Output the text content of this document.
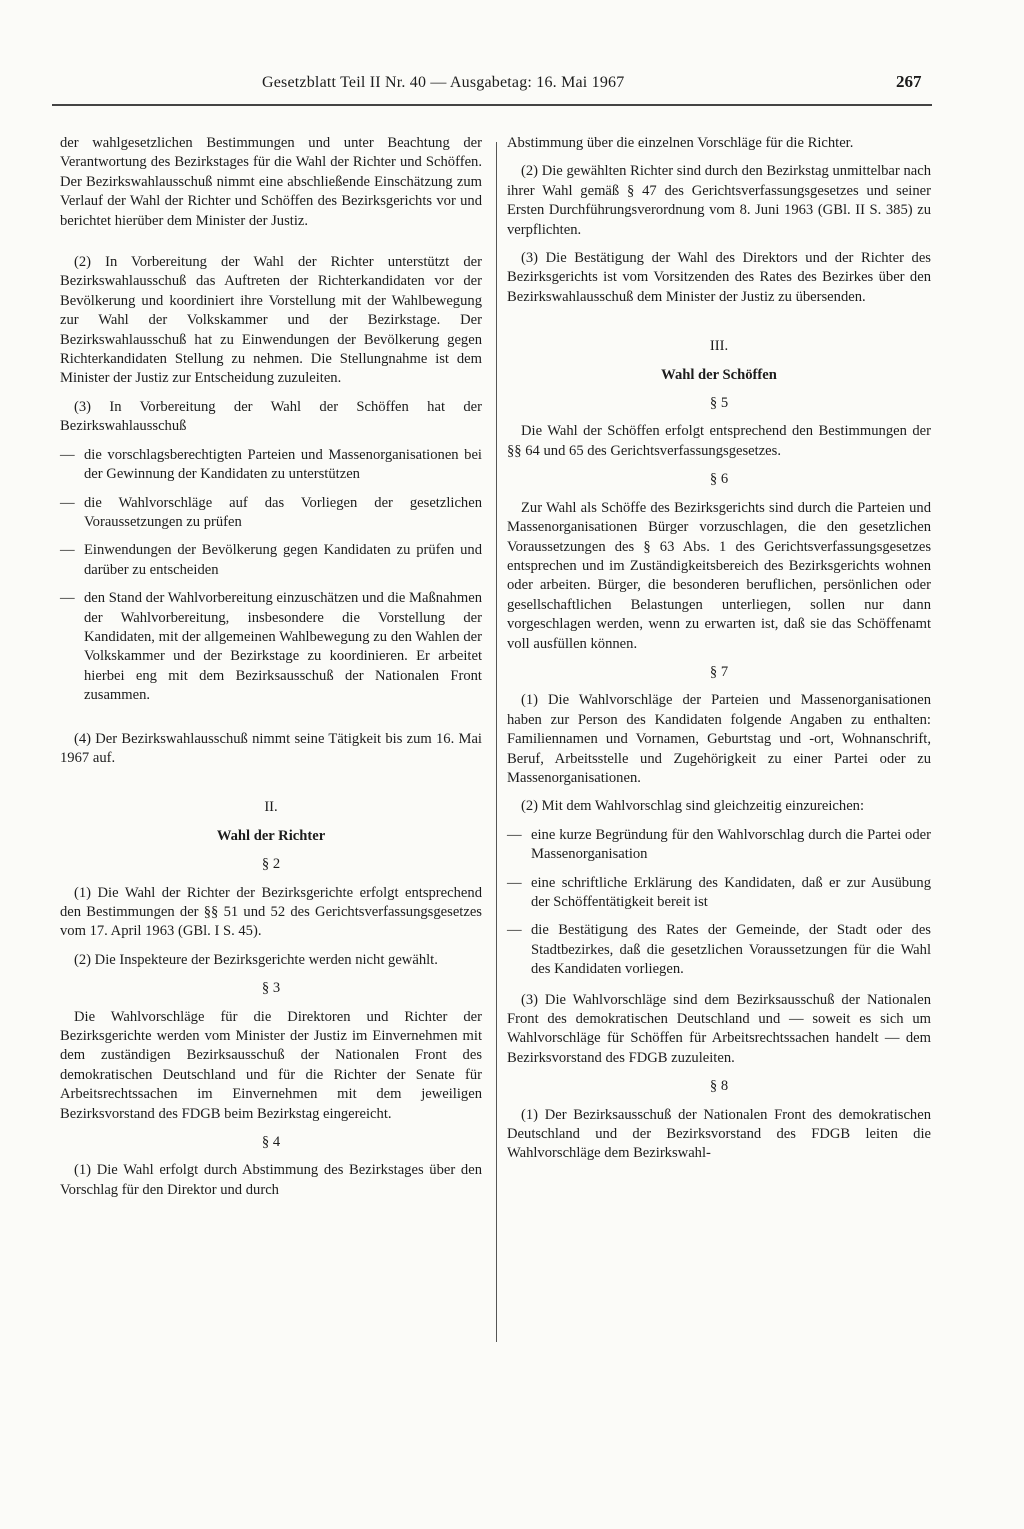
Gesetzblatt Teil II Nr. 40 — Ausgabetag: 16. Mai 1967	267

der wahlgesetzlichen Bestimmungen und unter Beachtung der Verantwortung des Bezirkstages für die Wahl der Richter und Schöffen. Der Bezirkswahlausschuß nimmt eine abschließende Einschätzung zum Verlauf der Wahl der Richter und Schöffen des Bezirksgerichts vor und berichtet hierüber dem Minister der Justiz.

(2) In Vorbereitung der Wahl der Richter unterstützt der Bezirkswahlausschuß das Auftreten der Richterkandidaten vor der Bevölkerung und koordiniert ihre Vorstellung mit der Wahlbewegung zur Wahl der Volkskammer und der Bezirkstage. Der Bezirkswahlausschuß hat zu Einwendungen der Bevölkerung gegen Richterkandidaten Stellung zu nehmen. Die Stellungnahme ist dem Minister der Justiz zur Entscheidung zuzuleiten.

(3) In Vorbereitung der Wahl der Schöffen hat der Bezirkswahlausschuß

— die vorschlagsberechtigten Parteien und Massenorganisationen bei der Gewinnung der Kandidaten zu unterstützen
— die Wahlvorschläge auf das Vorliegen der gesetzlichen Voraussetzungen zu prüfen
— Einwendungen der Bevölkerung gegen Kandidaten zu prüfen und darüber zu entscheiden
— den Stand der Wahlvorbereitung einzuschätzen und die Maßnahmen der Wahlvorbereitung, insbesondere die Vorstellung der Kandidaten, mit der allgemeinen Wahlbewegung zu den Wahlen der Volkskammer und der Bezirkstage zu koordinieren. Er arbeitet hierbei eng mit dem Bezirksausschuß der Nationalen Front zusammen.

(4) Der Bezirkswahlausschuß nimmt seine Tätigkeit bis zum 16. Mai 1967 auf.

II.

Wahl der Richter

§ 2

(1) Die Wahl der Richter der Bezirksgerichte erfolgt entsprechend den Bestimmungen der §§ 51 und 52 des Gerichtsverfassungsgesetzes vom 17. April 1963 (GBl. I S. 45).

(2) Die Inspekteure der Bezirksgerichte werden nicht gewählt.

§ 3

Die Wahlvorschläge für die Direktoren und Richter der Bezirksgerichte werden vom Minister der Justiz im Einvernehmen mit dem zuständigen Bezirksausschuß der Nationalen Front des demokratischen Deutschland und für die Richter der Senate für Arbeitsrechtssachen im Einvernehmen mit dem jeweiligen Bezirksvorstand des FDGB beim Bezirkstag eingereicht.

§ 4

(1) Die Wahl erfolgt durch Abstimmung des Bezirkstages über den Vorschlag für den Direktor und durch

Abstimmung über die einzelnen Vorschläge für die Richter.

(2) Die gewählten Richter sind durch den Bezirkstag unmittelbar nach ihrer Wahl gemäß § 47 des Gerichtsverfassungsgesetzes und seiner Ersten Durchführungsverordnung vom 8. Juni 1963 (GBl. II S. 385) zu verpflichten.

(3) Die Bestätigung der Wahl des Direktors und der Richter des Bezirksgerichts ist vom Vorsitzenden des Rates des Bezirkes über den Bezirkswahlausschuß dem Minister der Justiz zu übersenden.

III.

Wahl der Schöffen

§ 5

Die Wahl der Schöffen erfolgt entsprechend den Bestimmungen der §§ 64 und 65 des Gerichtsverfassungsgesetzes.

§ 6

Zur Wahl als Schöffe des Bezirksgerichts sind durch die Parteien und Massenorganisationen Bürger vorzuschlagen, die den gesetzlichen Voraussetzungen des § 63 Abs. 1 des Gerichtsverfassungsgesetzes entsprechen und im Zuständigkeitsbereich des Bezirksgerichts wohnen oder arbeiten. Bürger, die besonderen beruflichen, persönlichen oder gesellschaftlichen Belastungen unterliegen, sollen nur dann vorgeschlagen werden, wenn zu erwarten ist, daß sie das Schöffenamt voll ausfüllen können.

§ 7

(1) Die Wahlvorschläge der Parteien und Massenorganisationen haben zur Person des Kandidaten folgende Angaben zu enthalten: Familiennamen und Vornamen, Geburtstag und -ort, Wohnanschrift, Beruf, Arbeitsstelle und Zugehörigkeit zu einer Partei oder zu Massenorganisationen.

(2) Mit dem Wahlvorschlag sind gleichzeitig einzureichen:

— eine kurze Begründung für den Wahlvorschlag durch die Partei oder Massenorganisation
— eine schriftliche Erklärung des Kandidaten, daß er zur Ausübung der Schöffentätigkeit bereit ist
— die Bestätigung des Rates der Gemeinde, der Stadt oder des Stadtbezirkes, daß die gesetzlichen Voraussetzungen für die Wahl des Kandidaten vorliegen.

(3) Die Wahlvorschläge sind dem Bezirksausschuß der Nationalen Front des demokratischen Deutschland und — soweit es sich um Wahlvorschläge für Schöffen für Arbeitsrechtssachen handelt — dem Bezirksvorstand des FDGB zuzuleiten.

§ 8

(1) Der Bezirksausschuß der Nationalen Front des demokratischen Deutschland und der Bezirksvorstand des FDGB leiten die Wahlvorschläge dem Bezirkswahl-
